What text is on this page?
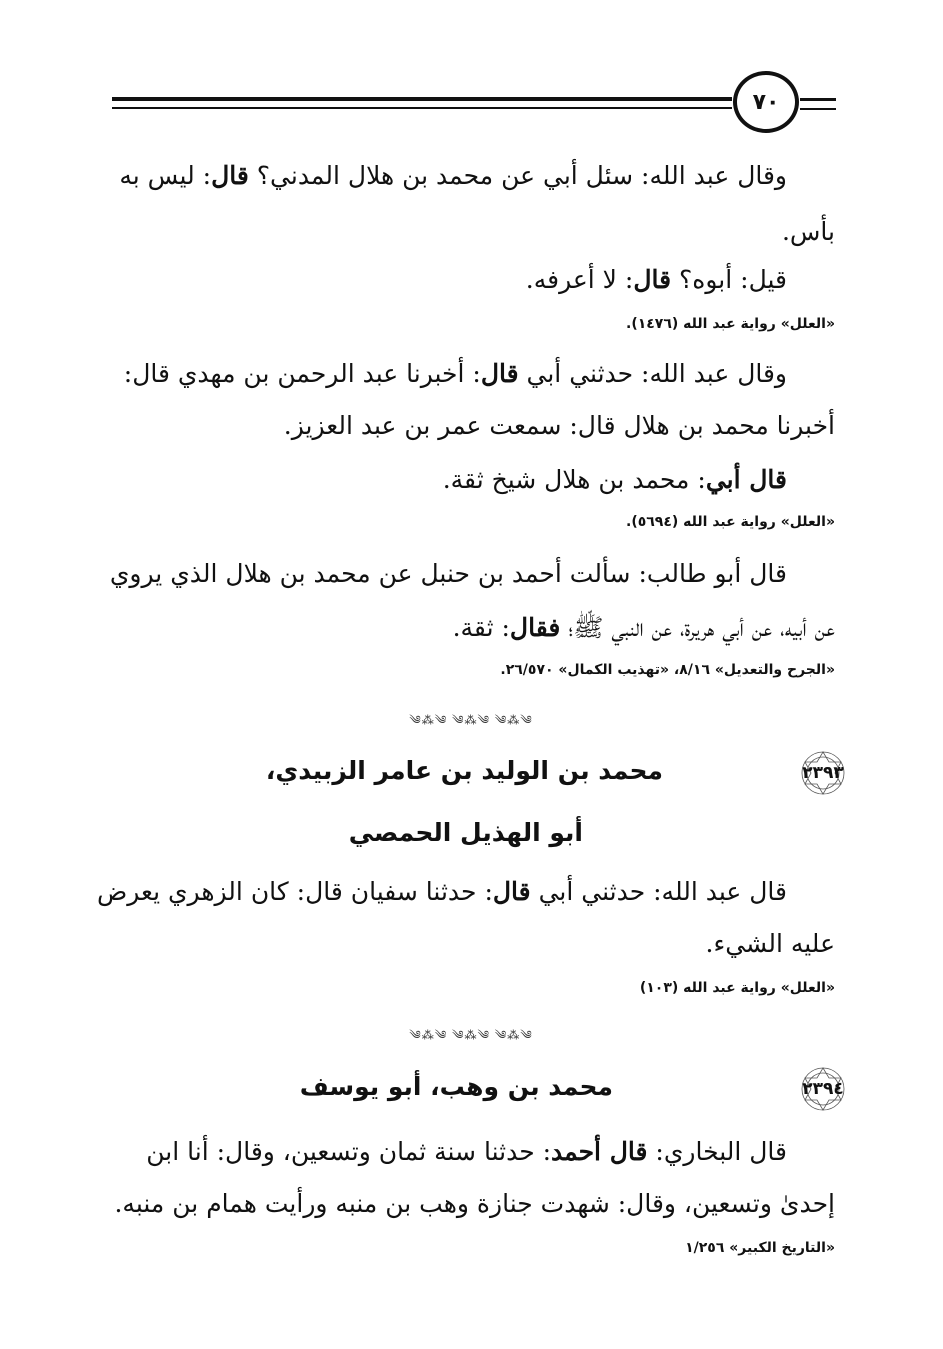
٧٠
وقال عبد الله: سئل أبي عن محمد بن هلال المدني؟ قال: ليس به
بأس.
قيل: أبوه؟ قال: لا أعرفه.
«العلل» رواية عبد الله (١٤٧٦).
وقال عبد الله: حدثني أبي قال: أخبرنا عبد الرحمن بن مهدي قال:
أخبرنا محمد بن هلال قال: سمعت عمر بن عبد العزيز.
قال أبي: محمد بن هلال شيخ ثقة.
«العلل» رواية عبد الله (٥٦٩٤).
قال أبو طالب: سألت أحمد بن حنبل عن محمد بن هلال الذي يروي
عن أبيه، عن أبي هريرة، عن النبي ﷺ؛ فقال: ثقة.
«الجرح والتعديل» ٨/١٦، «تهذيب الكمال» ٢٦/٥٧٠.
༄⁂༄ ༄⁂༄ ༄⁂༄
٢٣٩٣
محمد بن الوليد بن عامر الزبيدي،
أبو الهذيل الحمصي
قال عبد الله: حدثني أبي قال: حدثنا سفيان قال: كان الزهري يعرض
عليه الشيء.
«العلل» رواية عبد الله (١٠٣)
༄⁂༄ ༄⁂༄ ༄⁂༄
٢٣٩٤
محمد بن وهب، أبو يوسف
قال البخاري: قال أحمد: حدثنا سنة ثمان وتسعين، وقال: أنا ابن
إحدىٰ وتسعين، وقال: شهدت جنازة وهب بن منبه ورأيت همام بن منبه.
«التاريخ الكبير» ١/٢٥٦
